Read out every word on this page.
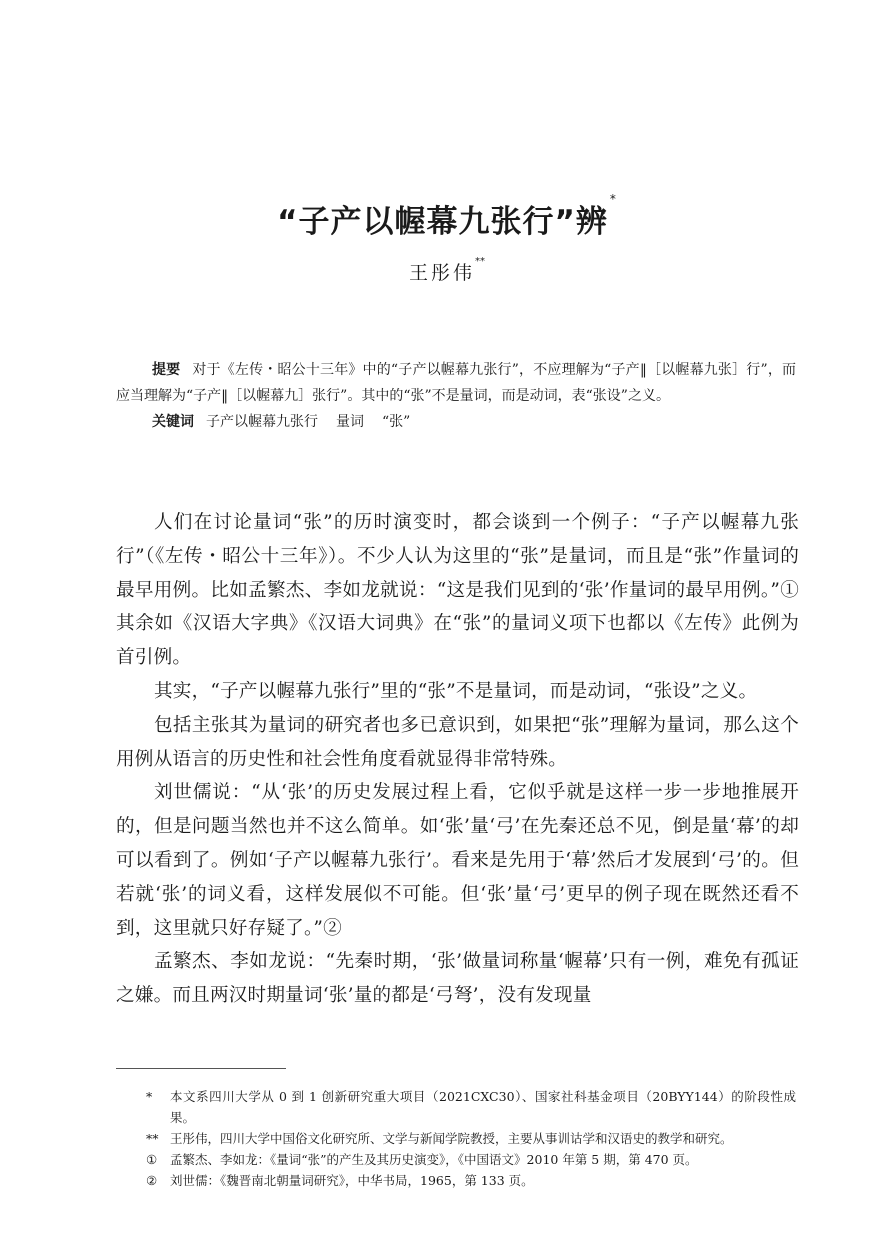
“子产以幄幕九张行”辨*
王彤伟**

提要 对于《左传・昭公十三年》中的“子产以幄幕九张行”，不应理解为“子产‖［以幄幕九张］行”，而应当理解为“子产‖［以幄幕九］张行”。其中的“张”不是量词，而是动词，表“张设”之义。

关键词 子产以幄幕九张行 量词 “张”

人们在讨论量词“张”的历时演变时，都会谈到一个例子：“子产以幄幕九张行”（《左传・昭公十三年》）。不少人认为这里的“张”是量词，而且是“张”作量词的最早用例。比如孟繁杰、李如龙就说：“这是我们见到的‘张’作量词的最早用例。”① 其余如《汉语大字典》《汉语大词典》在“张”的量词义项下也都以《左传》此例为首引例。

其实，“子产以幄幕九张行”里的“张”不是量词，而是动词，“张设”之义。

包括主张其为量词的研究者也多已意识到，如果把“张”理解为量词，那么这个用例从语言的历史性和社会性角度看就显得非常特殊。

刘世儒说：“从‘张’的历史发展过程上看，它似乎就是这样一步一步地推展开的，但是问题当然也并不这么简单。如‘张’量‘弓’在先秦还总不见，倒是量‘幕’的却可以看到了。例如‘子产以幄幕九张行’。看来是先用于‘幕’然后才发展到‘弓’的。但若就‘张’的词义看，这样发展似不可能。但‘张’量‘弓’更早的例子现在既然还看不到，这里就只好存疑了。”②

孟繁杰、李如龙说：“先秦时期，‘张’做量词称量‘幄幕’只有一例，难免有孤证之嫌。而且两汉时期量词‘张’量的都是‘弓弩’，没有发现量

*	本文系四川大学从 0 到 1 创新研究重大项目（2021CXC30）、国家社科基金项目（20BYY144）的阶段性成果。
** 王彤伟，四川大学中国俗文化研究所、文学与新闻学院教授，主要从事训诂学和汉语史的教学和研究。
①	孟繁杰、李如龙：《量词“张”的产生及其历史演变》，《中国语文》2010 年第 5 期，第 470 页。
②	刘世儒：《魏晋南北朝量词研究》，中华书局，1965，第 133 页。
